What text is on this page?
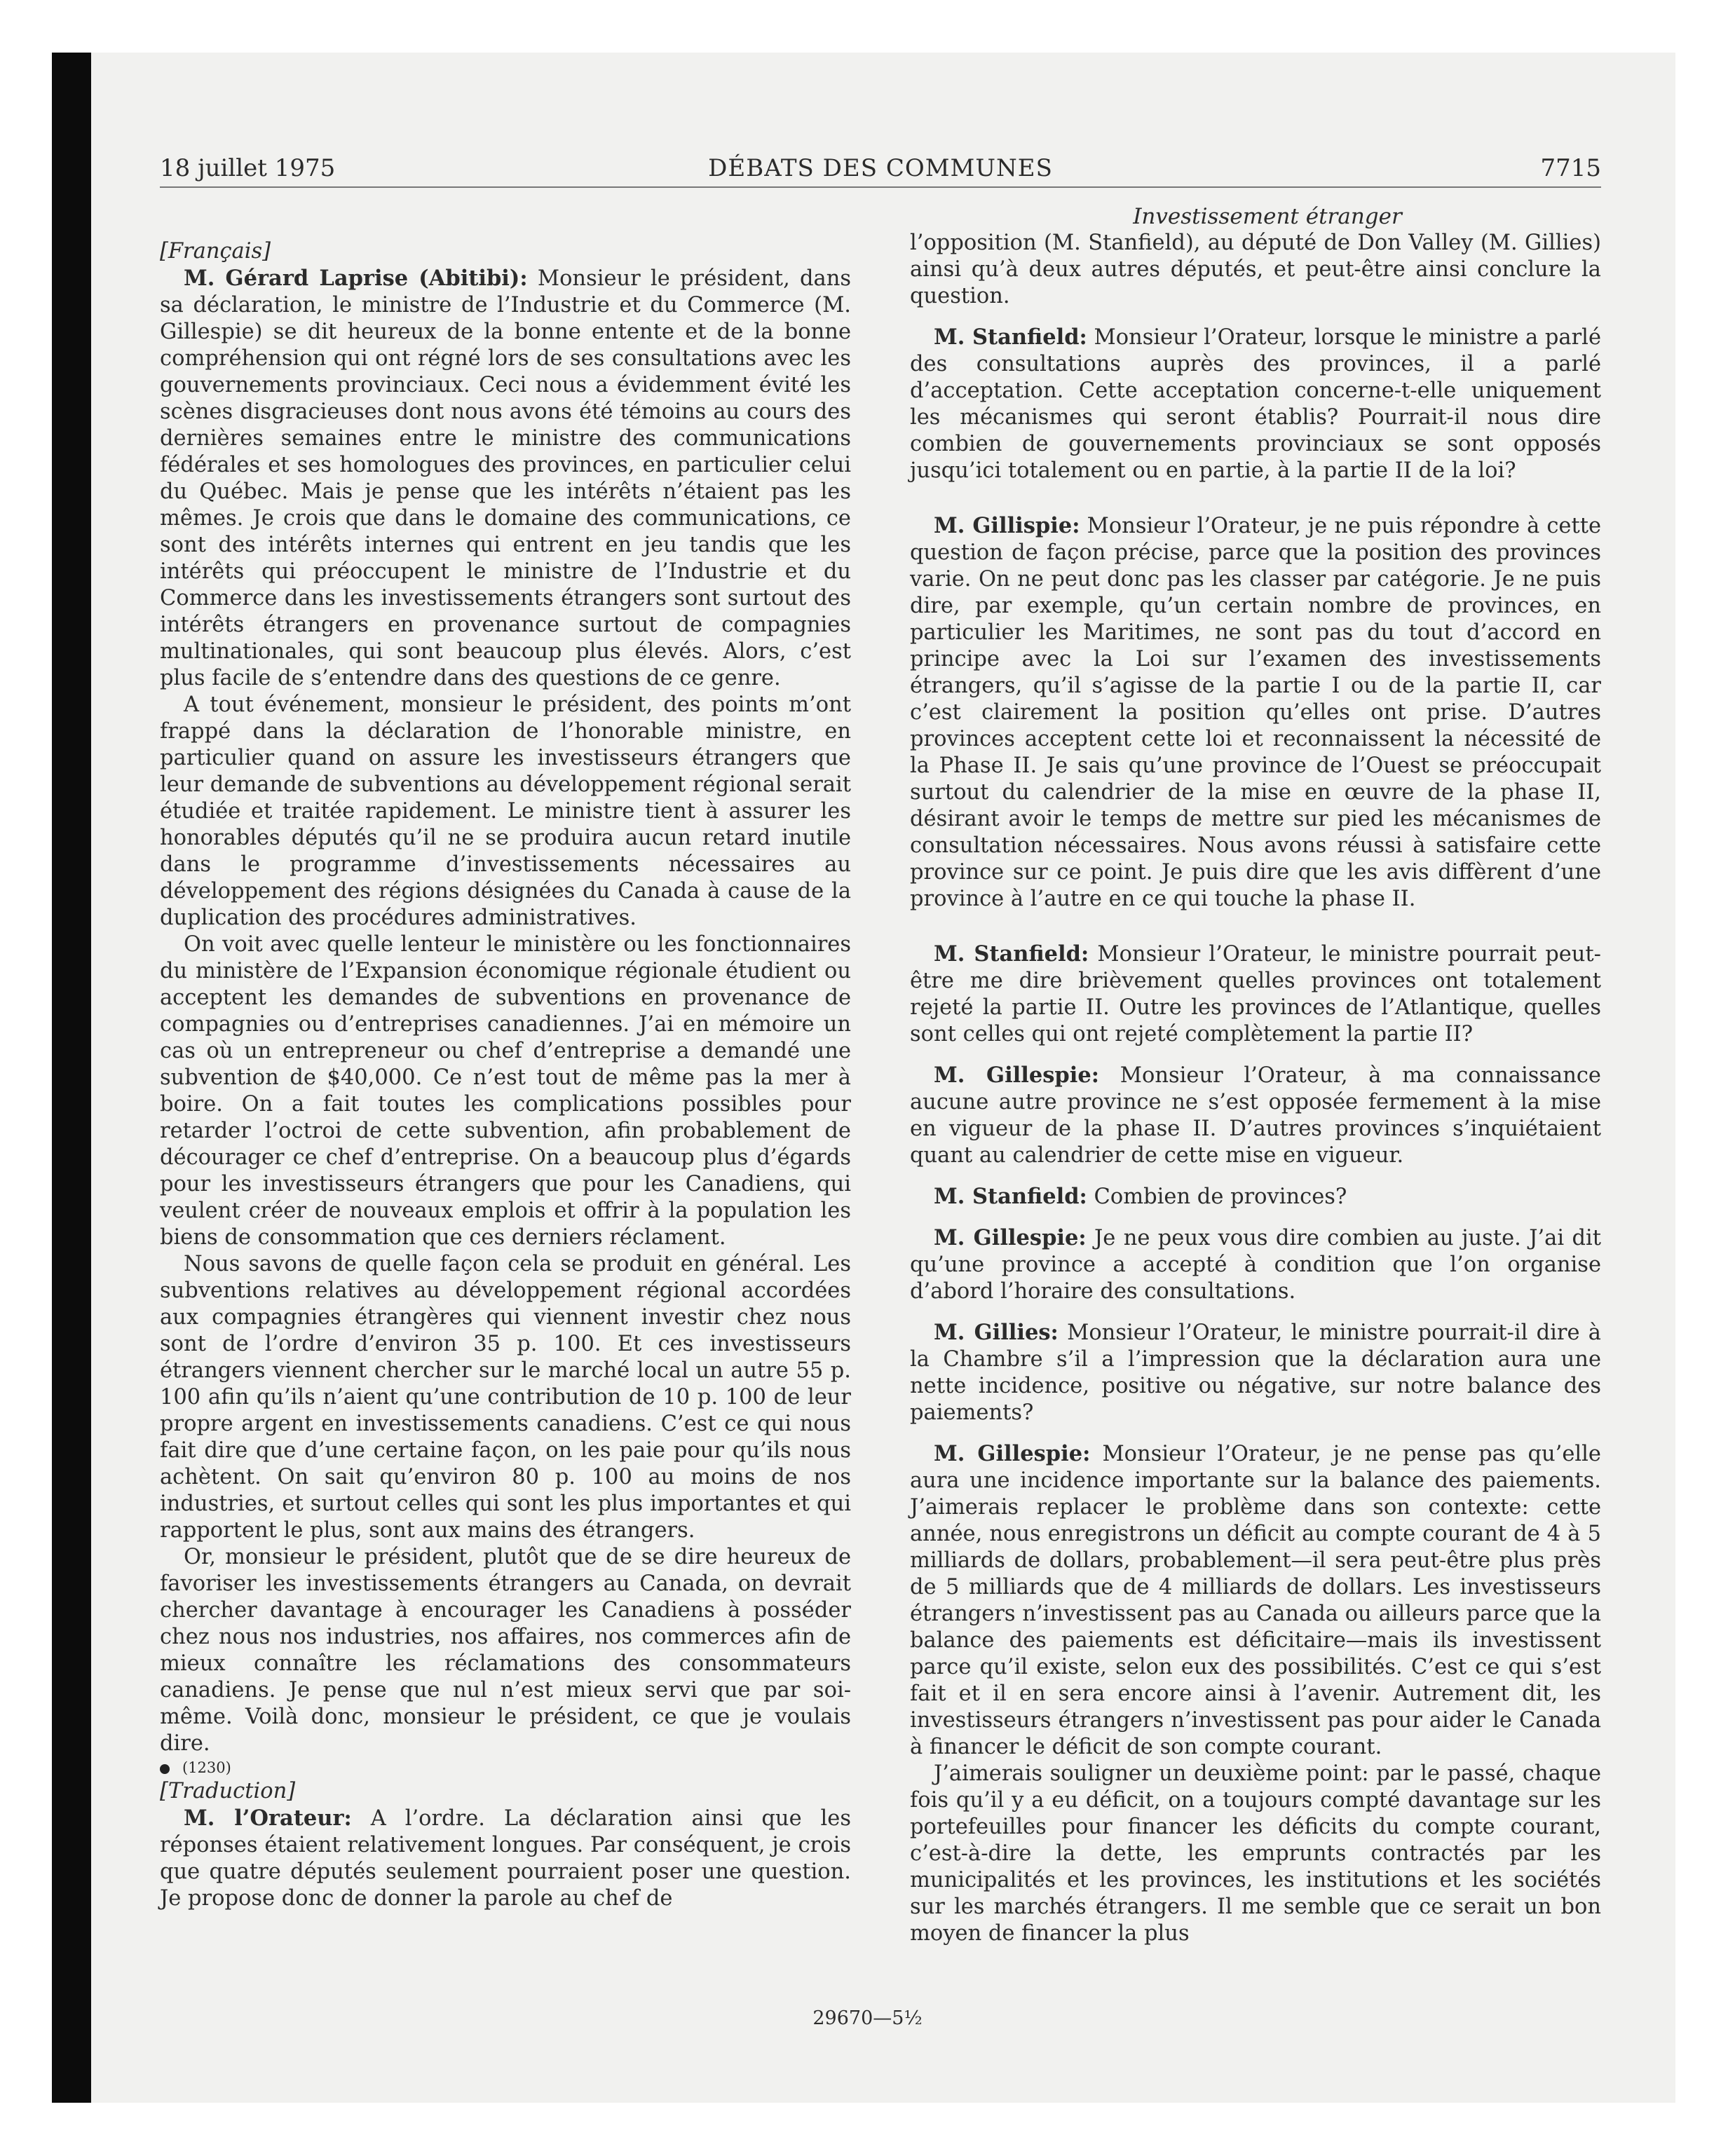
18 juillet 1975	DÉBATS DES COMMUNES	7715

[Français]

M. Gérard Laprise (Abitibi): Monsieur le président, dans sa déclaration, le ministre de l’Industrie et du Commerce (M. Gillespie) se dit heureux de la bonne entente et de la bonne compréhension qui ont régné lors de ses consultations avec les gouvernements provinciaux. Ceci nous a évidemment évité les scènes disgracieuses dont nous avons été témoins au cours des dernières semaines entre le ministre des communications fédérales et ses homologues des provinces, en particulier celui du Québec. Mais je pense que les intérêts n’étaient pas les mêmes. Je crois que dans le domaine des communications, ce sont des intérêts internes qui entrent en jeu tandis que les intérêts qui préoccupent le ministre de l’Industrie et du Commerce dans les investissements étrangers sont surtout des intérêts étrangers en provenance surtout de compagnies multinationales, qui sont beaucoup plus élevés. Alors, c’est plus facile de s’entendre dans des questions de ce genre.

A tout événement, monsieur le président, des points m’ont frappé dans la déclaration de l’honorable ministre, en particulier quand on assure les investisseurs étrangers que leur demande de subventions au développement régional serait étudiée et traitée rapidement. Le ministre tient à assurer les honorables députés qu’il ne se produira aucun retard inutile dans le programme d’investissements nécessaires au développement des régions désignées du Canada à cause de la duplication des procédures administratives.

On voit avec quelle lenteur le ministère ou les fonctionnaires du ministère de l’Expansion économique régionale étudient ou acceptent les demandes de subventions en provenance de compagnies ou d’entreprises canadiennes. J’ai en mémoire un cas où un entrepreneur ou chef d’entreprise a demandé une subvention de $40,000. Ce n’est tout de même pas la mer à boire. On a fait toutes les complications possibles pour retarder l’octroi de cette subvention, afin probablement de décourager ce chef d’entreprise. On a beaucoup plus d’égards pour les investisseurs étrangers que pour les Canadiens, qui veulent créer de nouveaux emplois et offrir à la population les biens de consommation que ces derniers réclament.

Nous savons de quelle façon cela se produit en général. Les subventions relatives au développement régional accordées aux compagnies étrangères qui viennent investir chez nous sont de l’ordre d’environ 35 p. 100. Et ces investisseurs étrangers viennent chercher sur le marché local un autre 55 p. 100 afin qu’ils n’aient qu’une contribution de 10 p. 100 de leur propre argent en investissements canadiens. C’est ce qui nous fait dire que d’une certaine façon, on les paie pour qu’ils nous achètent. On sait qu’environ 80 p. 100 au moins de nos industries, et surtout celles qui sont les plus importantes et qui rapportent le plus, sont aux mains des étrangers.

Or, monsieur le président, plutôt que de se dire heureux de favoriser les investissements étrangers au Canada, on devrait chercher davantage à encourager les Canadiens à posséder chez nous nos industries, nos affaires, nos commerces afin de mieux connaître les réclamations des consommateurs canadiens. Je pense que nul n’est mieux servi que par soi-même. Voilà donc, monsieur le président, ce que je voulais dire.

(1230)

[Traduction]

M. l’Orateur: A l’ordre. La déclaration ainsi que les réponses étaient relativement longues. Par conséquent, je crois que quatre députés seulement pourraient poser une question. Je propose donc de donner la parole au chef de

Investissement étranger

l’opposition (M. Stanfield), au député de Don Valley (M. Gillies) ainsi qu’à deux autres députés, et peut-être ainsi conclure la question.

M. Stanfield: Monsieur l’Orateur, lorsque le ministre a parlé des consultations auprès des provinces, il a parlé d’acceptation. Cette acceptation concerne-t-elle uniquement les mécanismes qui seront établis? Pourrait-il nous dire combien de gouvernements provinciaux se sont opposés jusqu’ici totalement ou en partie, à la partie II de la loi?

M. Gillispie: Monsieur l’Orateur, je ne puis répondre à cette question de façon précise, parce que la position des provinces varie. On ne peut donc pas les classer par catégorie. Je ne puis dire, par exemple, qu’un certain nombre de provinces, en particulier les Maritimes, ne sont pas du tout d’accord en principe avec la Loi sur l’examen des investissements étrangers, qu’il s’agisse de la partie I ou de la partie II, car c’est clairement la position qu’elles ont prise. D’autres provinces acceptent cette loi et reconnaissent la nécessité de la Phase II. Je sais qu’une province de l’Ouest se préoccupait surtout du calendrier de la mise en œuvre de la phase II, désirant avoir le temps de mettre sur pied les mécanismes de consultation nécessaires. Nous avons réussi à satisfaire cette province sur ce point. Je puis dire que les avis diffèrent d’une province à l’autre en ce qui touche la phase II.

M. Stanfield: Monsieur l’Orateur, le ministre pourrait peut-être me dire brièvement quelles provinces ont totalement rejeté la partie II. Outre les provinces de l’Atlantique, quelles sont celles qui ont rejeté complètement la partie II?

M. Gillespie: Monsieur l’Orateur, à ma connaissance aucune autre province ne s’est opposée fermement à la mise en vigueur de la phase II. D’autres provinces s’inquiétaient quant au calendrier de cette mise en vigueur.

M. Stanfield: Combien de provinces?

M. Gillespie: Je ne peux vous dire combien au juste. J’ai dit qu’une province a accepté à condition que l’on organise d’abord l’horaire des consultations.

M. Gillies: Monsieur l’Orateur, le ministre pourrait-il dire à la Chambre s’il a l’impression que la déclaration aura une nette incidence, positive ou négative, sur notre balance des paiements?

M. Gillespie: Monsieur l’Orateur, je ne pense pas qu’elle aura une incidence importante sur la balance des paiements. J’aimerais replacer le problème dans son contexte: cette année, nous enregistrons un déficit au compte courant de 4 à 5 milliards de dollars, probablement—il sera peut-être plus près de 5 milliards que de 4 milliards de dollars. Les investisseurs étrangers n’investissent pas au Canada ou ailleurs parce que la balance des paiements est déficitaire—mais ils investissent parce qu’il existe, selon eux des possibilités. C’est ce qui s’est fait et il en sera encore ainsi à l’avenir. Autrement dit, les investisseurs étrangers n’investissent pas pour aider le Canada à financer le déficit de son compte courant.

J’aimerais souligner un deuxième point: par le passé, chaque fois qu’il y a eu déficit, on a toujours compté davantage sur les portefeuilles pour financer les déficits du compte courant, c’est-à-dire la dette, les emprunts contractés par les municipalités et les provinces, les institutions et les sociétés sur les marchés étrangers. Il me semble que ce serait un bon moyen de financer la plus

29670—5½
